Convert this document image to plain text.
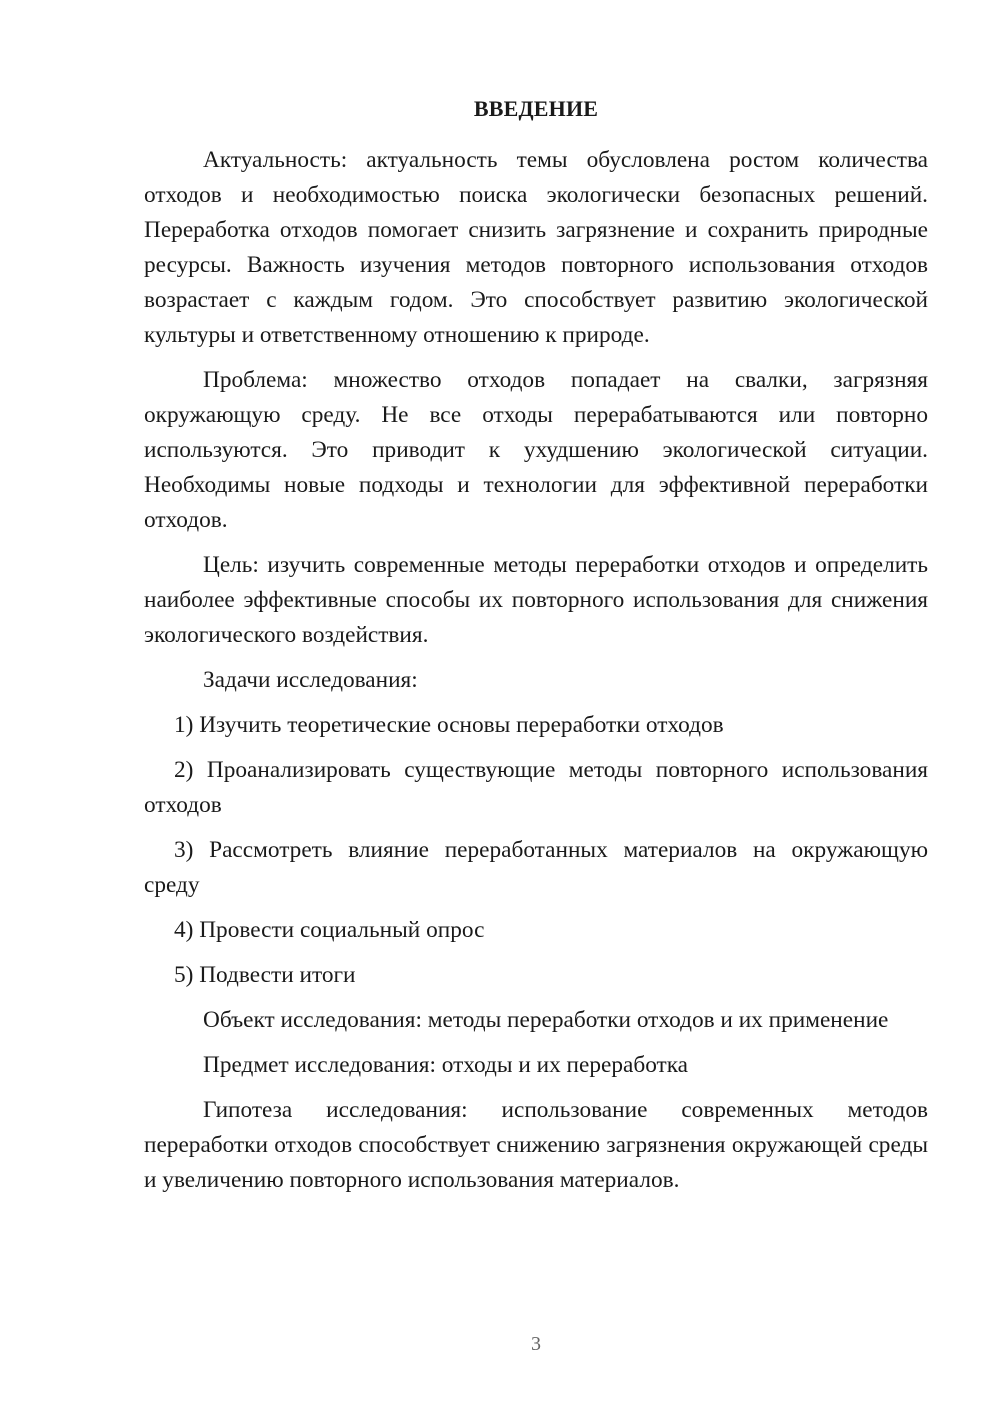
ВВЕДЕНИЕ

Актуальность: актуальность темы обусловлена ростом количества отходов и необходимостью поиска экологически безопасных решений. Переработка отходов помогает снизить загрязнение и сохранить природные ресурсы. Важность изучения методов повторного использования отходов возрастает с каждым годом. Это способствует развитию экологической культуры и ответственному отношению к природе.

Проблема: множество отходов попадает на свалки, загрязняя окружающую среду. Не все отходы перерабатываются или повторно используются. Это приводит к ухудшению экологической ситуации. Необходимы новые подходы и технологии для эффективной переработки отходов.

Цель: изучить современные методы переработки отходов и определить наиболее эффективные способы их повторного использования для снижения экологического воздействия.

Задачи исследования:

1) Изучить теоретические основы переработки отходов

2) Проанализировать существующие методы повторного использования отходов

3) Рассмотреть влияние переработанных материалов на окружающую среду

4) Провести социальный опрос

5) Подвести итоги

Объект исследования: методы переработки отходов и их применение

Предмет исследования: отходы и их переработка

Гипотеза исследования: использование современных методов переработки отходов способствует снижению загрязнения окружающей среды и увеличению повторного использования материалов.

3
